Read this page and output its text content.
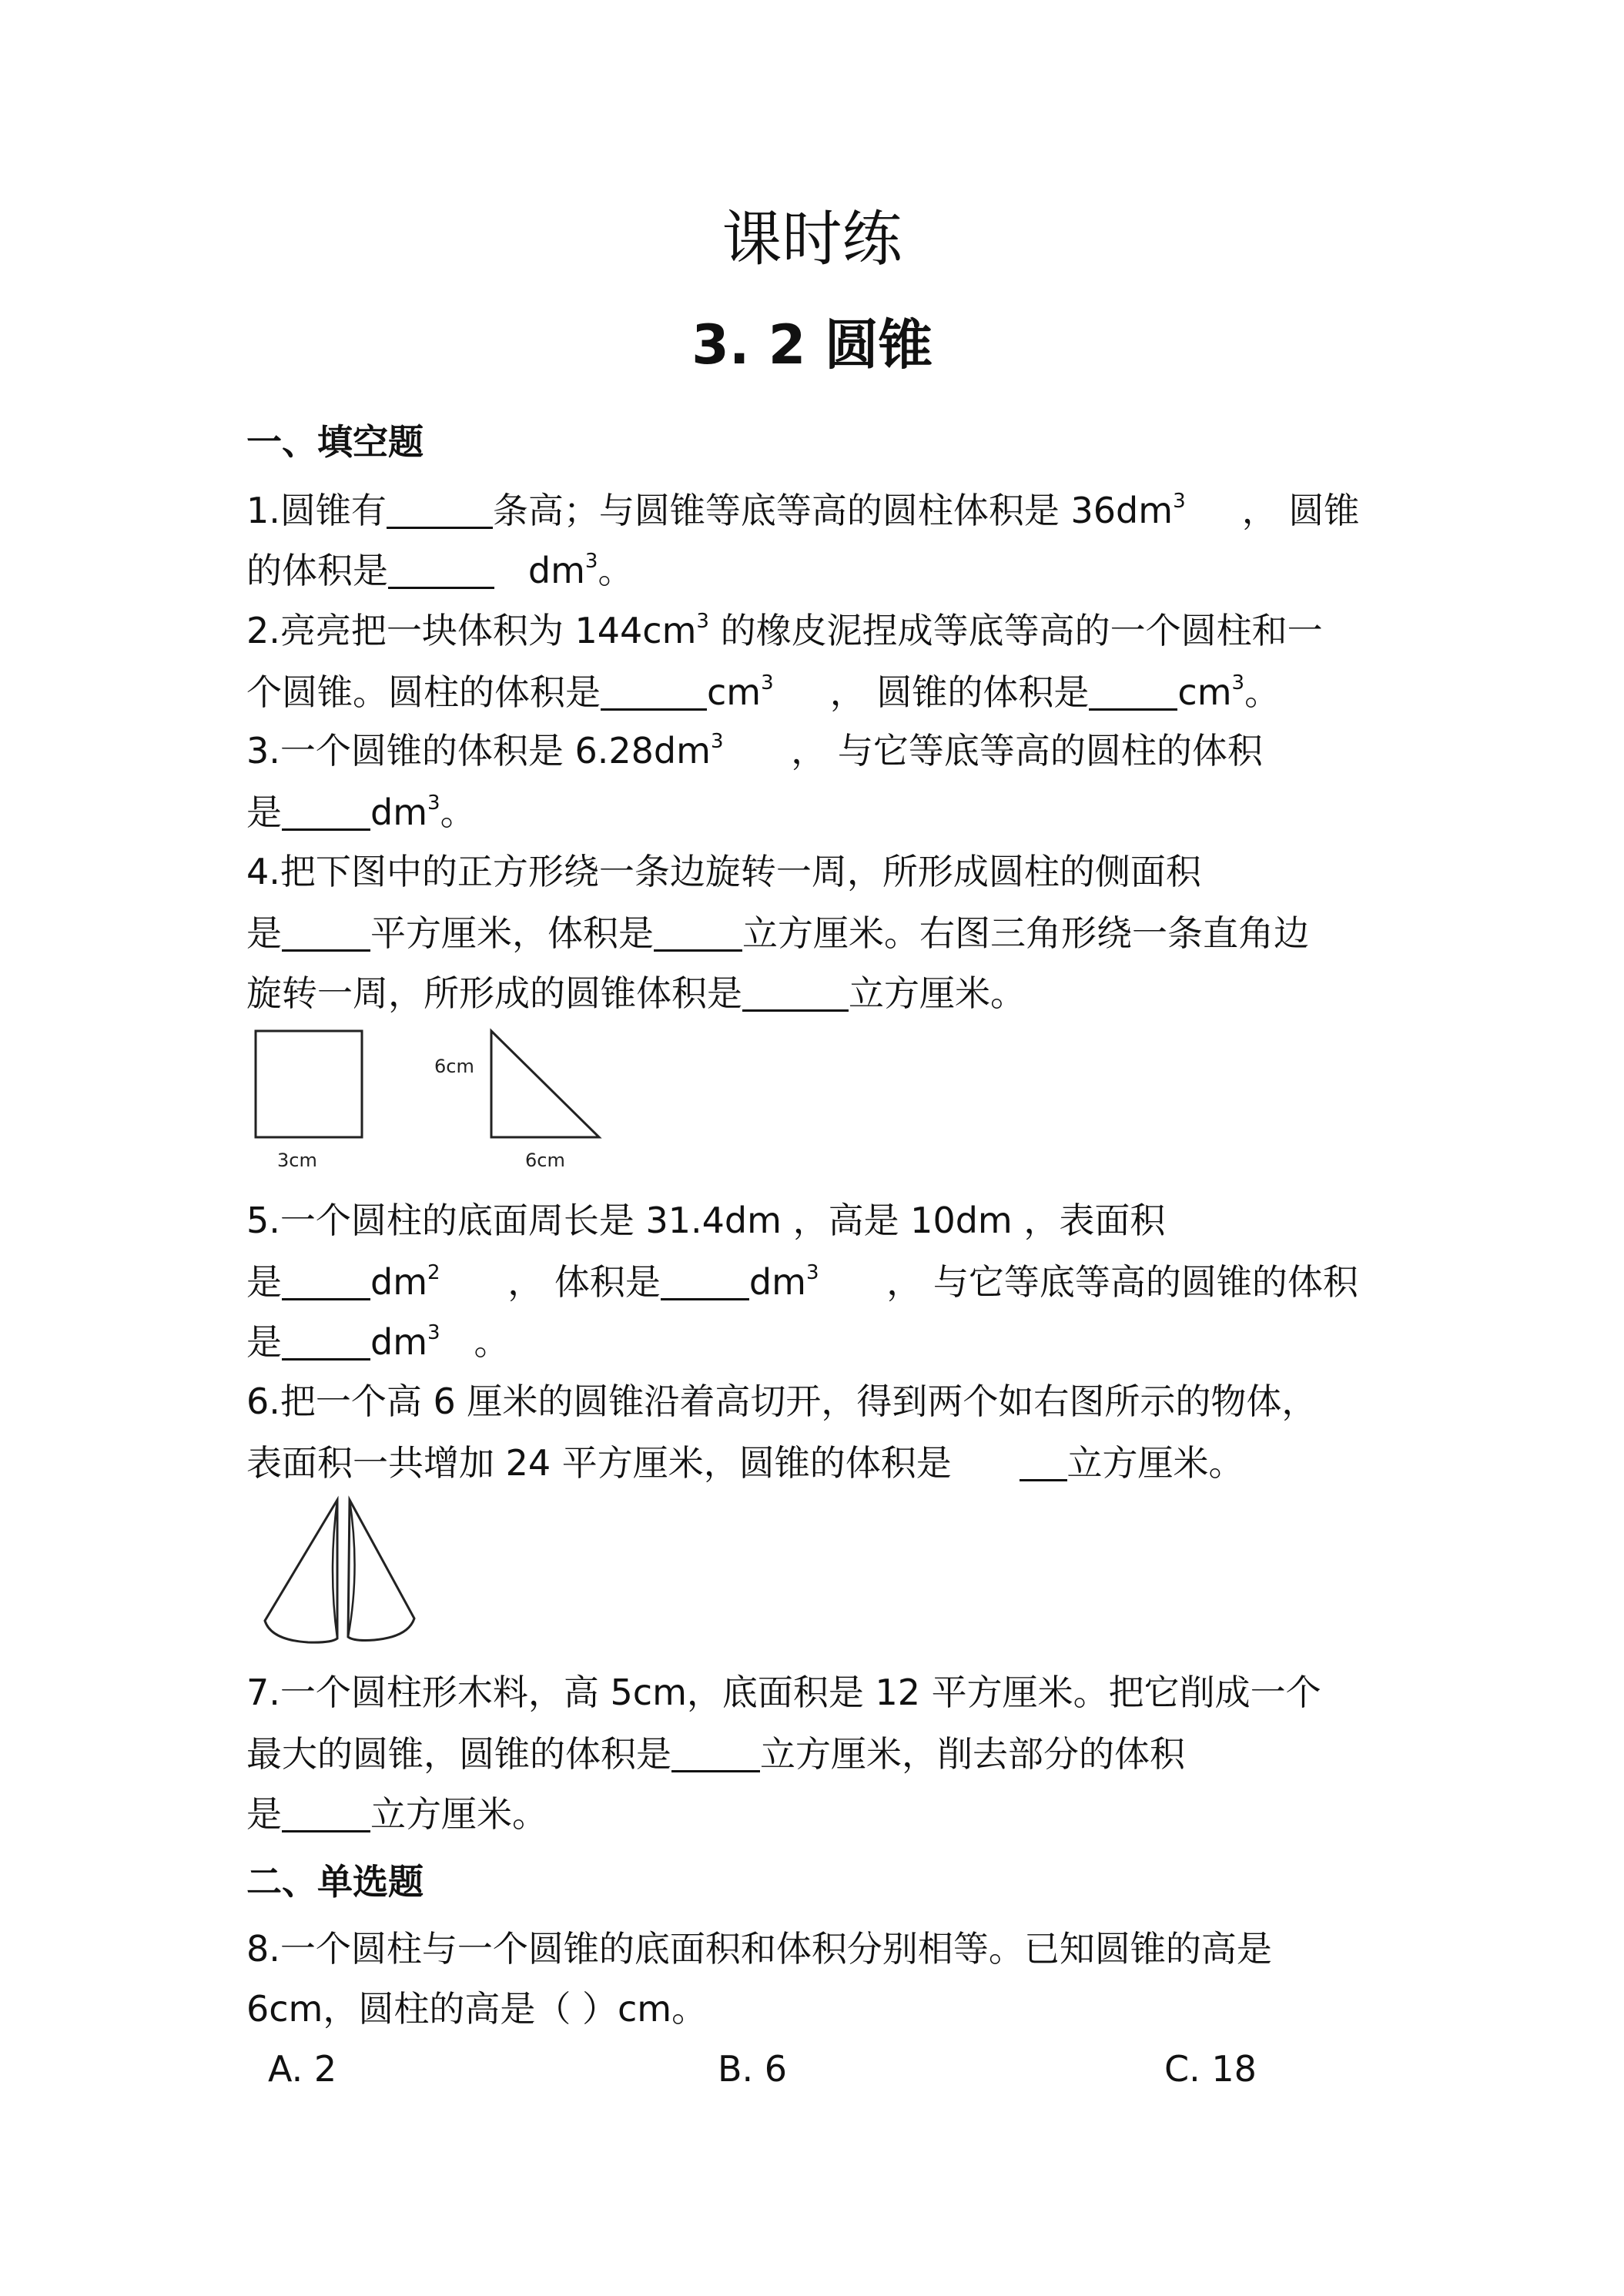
课时练
3. 2 圆锥
一、填空题
1.圆锥有	条高；与圆锥等底等高的圆柱体积是 $36dm^3$ ， 圆锥
的体积是	$dm^3$。
2.亮亮把一块体积为 $144cm^3$ 的橡皮泥捏成等底等高的一个圆柱和一
个圆锥。圆柱的体积是	$cm^3$ ， 圆锥的体积是	$cm^3$。
3.一个圆锥的体积是 $6.28dm^3$ ， 与它等底等高的圆柱的体积
是	$dm^3$。
4.把下图中的正方形绕一条边旋转一周，所形成圆柱的侧面积
是	平方厘米，体积是	立方厘米。右图三角形绕一条直角边
旋转一周，所形成的圆锥体积是	立方厘米。
3cm
6cm
6cm
5.一个圆柱的底面周长是 31.4dm ，高是 10dm ，表面积
是	$dm^2$ ， 体积是	$dm^3$ ， 与它等底等高的圆锥的体积
是	$dm^3$ 。
6.把一个高 6 厘米的圆锥沿着高切开，得到两个如右图所示的物体，
表面积一共增加 24 平方厘米，圆锥的体积是	立方厘米。
7.一个圆柱形木料，高 5cm，底面积是 12 平方厘米。把它削成一个
最大的圆锥，圆锥的体积是	立方厘米，削去部分的体积
是	立方厘米。
二、单选题
8.一个圆柱与一个圆锥的底面积和体积分别相等。已知圆锥的高是
6cm，圆柱的高是（ ）cm。
A. 2	B. 6	C. 18
